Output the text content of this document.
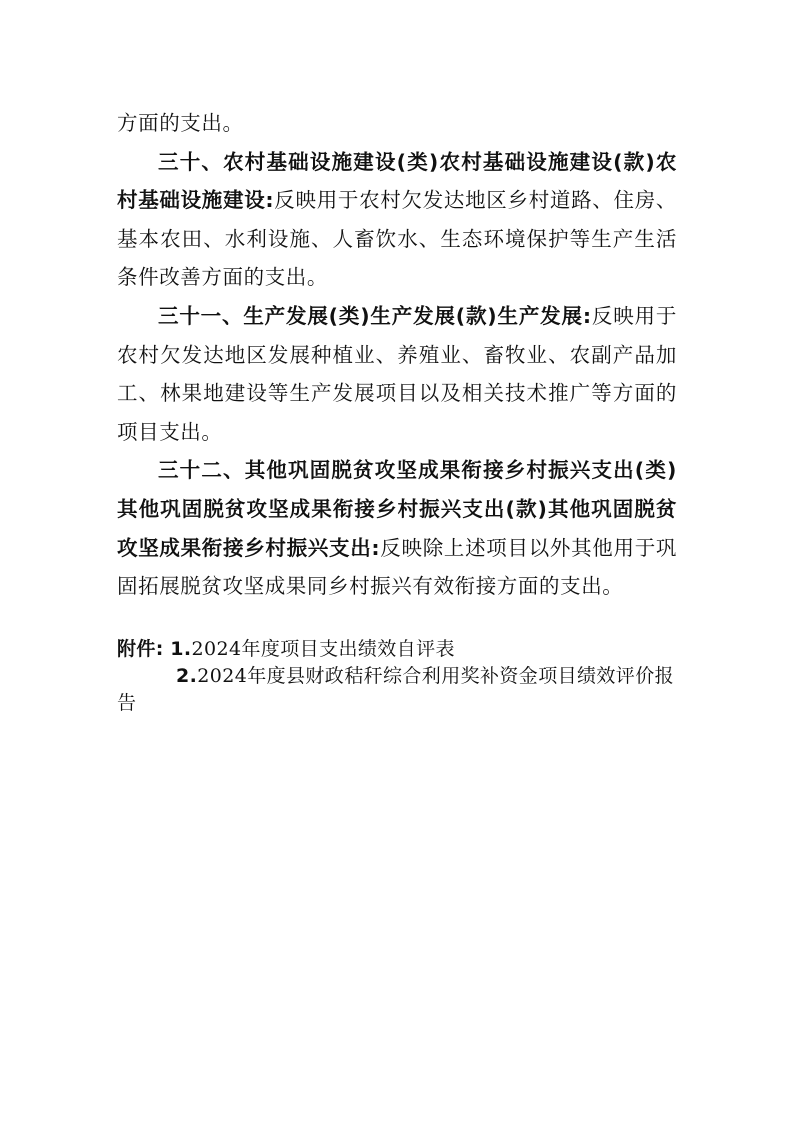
方面的支出。

三十、农村基础设施建设(类)农村基础设施建设(款)农村基础设施建设:反映用于农村欠发达地区乡村道路、住房、基本农田、水利设施、人畜饮水、生态环境保护等生产生活条件改善方面的支出。

三十一、生产发展(类)生产发展(款)生产发展:反映用于农村欠发达地区发展种植业、养殖业、畜牧业、农副产品加工、林果地建设等生产发展项目以及相关技术推广等方面的项目支出。

三十二、其他巩固脱贫攻坚成果衔接乡村振兴支出(类)其他巩固脱贫攻坚成果衔接乡村振兴支出(款)其他巩固脱贫攻坚成果衔接乡村振兴支出:反映除上述项目以外其他用于巩固拓展脱贫攻坚成果同乡村振兴有效衔接方面的支出。

附件: 1.2024年度项目支出绩效自评表

2.2024年度县财政秸秆综合利用奖补资金项目绩效评价报告
